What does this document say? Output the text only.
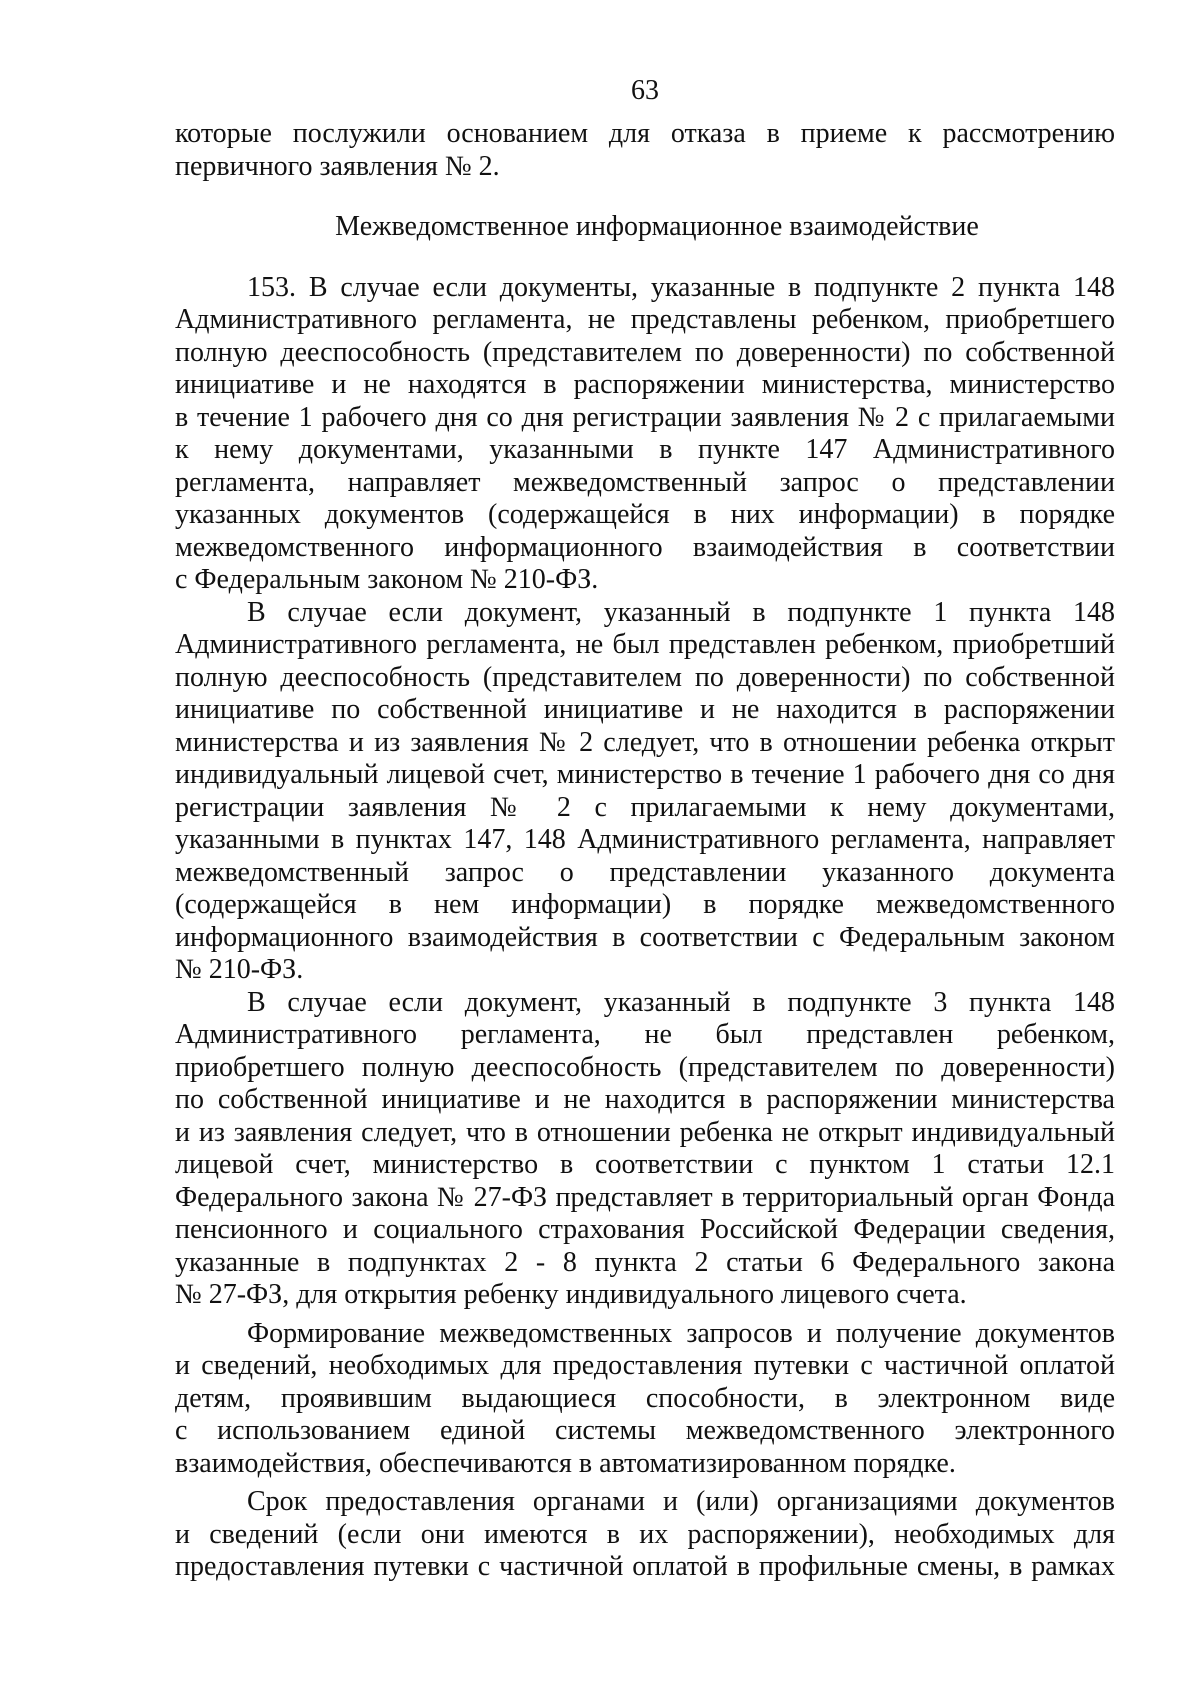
63
которые послужили основанием для отказа в приеме к рассмотрению
первичного заявления № 2.
Межведомственное информационное взаимодействие
153. В случае если документы, указанные в подпункте 2 пункта 148
Административного регламента, не представлены ребенком, приобретшего
полную дееспособность (представителем по доверенности) по собственной
инициативе и не находятся в распоряжении министерства, министерство
в течение 1 рабочего дня со дня регистрации заявления № 2 с прилагаемыми
к нему документами, указанными в пункте 147 Административного
регламента, направляет межведомственный запрос о представлении
указанных документов (содержащейся в них информации) в порядке
межведомственного информационного взаимодействия в соответствии
с Федеральным законом № 210-ФЗ.
В случае если документ, указанный в подпункте 1 пункта 148
Административного регламента, не был представлен ребенком, приобретший
полную дееспособность (представителем по доверенности) по собственной
инициативе по собственной инициативе и не находится в распоряжении
министерства и из заявления № 2 следует, что в отношении ребенка открыт
индивидуальный лицевой счет, министерство в течение 1 рабочего дня со дня
регистрации заявления № 2 с прилагаемыми к нему документами,
указанными в пунктах 147, 148 Административного регламента, направляет
межведомственный запрос о представлении указанного документа
(содержащейся в нем информации) в порядке межведомственного
информационного взаимодействия в соответствии с Федеральным законом
№ 210-ФЗ.
В случае если документ, указанный в подпункте 3 пункта 148
Административного регламента, не был представлен ребенком,
приобретшего полную дееспособность (представителем по доверенности)
по собственной инициативе и не находится в распоряжении министерства
и из заявления следует, что в отношении ребенка не открыт индивидуальный
лицевой счет, министерство в соответствии с пунктом 1 статьи 12.1
Федерального закона № 27-ФЗ представляет в территориальный орган Фонда
пенсионного и социального страхования Российской Федерации сведения,
указанные в подпунктах 2 - 8 пункта 2 статьи 6 Федерального закона
№ 27-ФЗ, для открытия ребенку индивидуального лицевого счета.
Формирование межведомственных запросов и получение документов
и сведений, необходимых для предоставления путевки с частичной оплатой
детям, проявившим выдающиеся способности, в электронном виде
с использованием единой системы межведомственного электронного
взаимодействия, обеспечиваются в автоматизированном порядке.
Срок предоставления органами и (или) организациями документов
и сведений (если они имеются в их распоряжении), необходимых для
предоставления путевки с частичной оплатой в профильные смены, в рамках
